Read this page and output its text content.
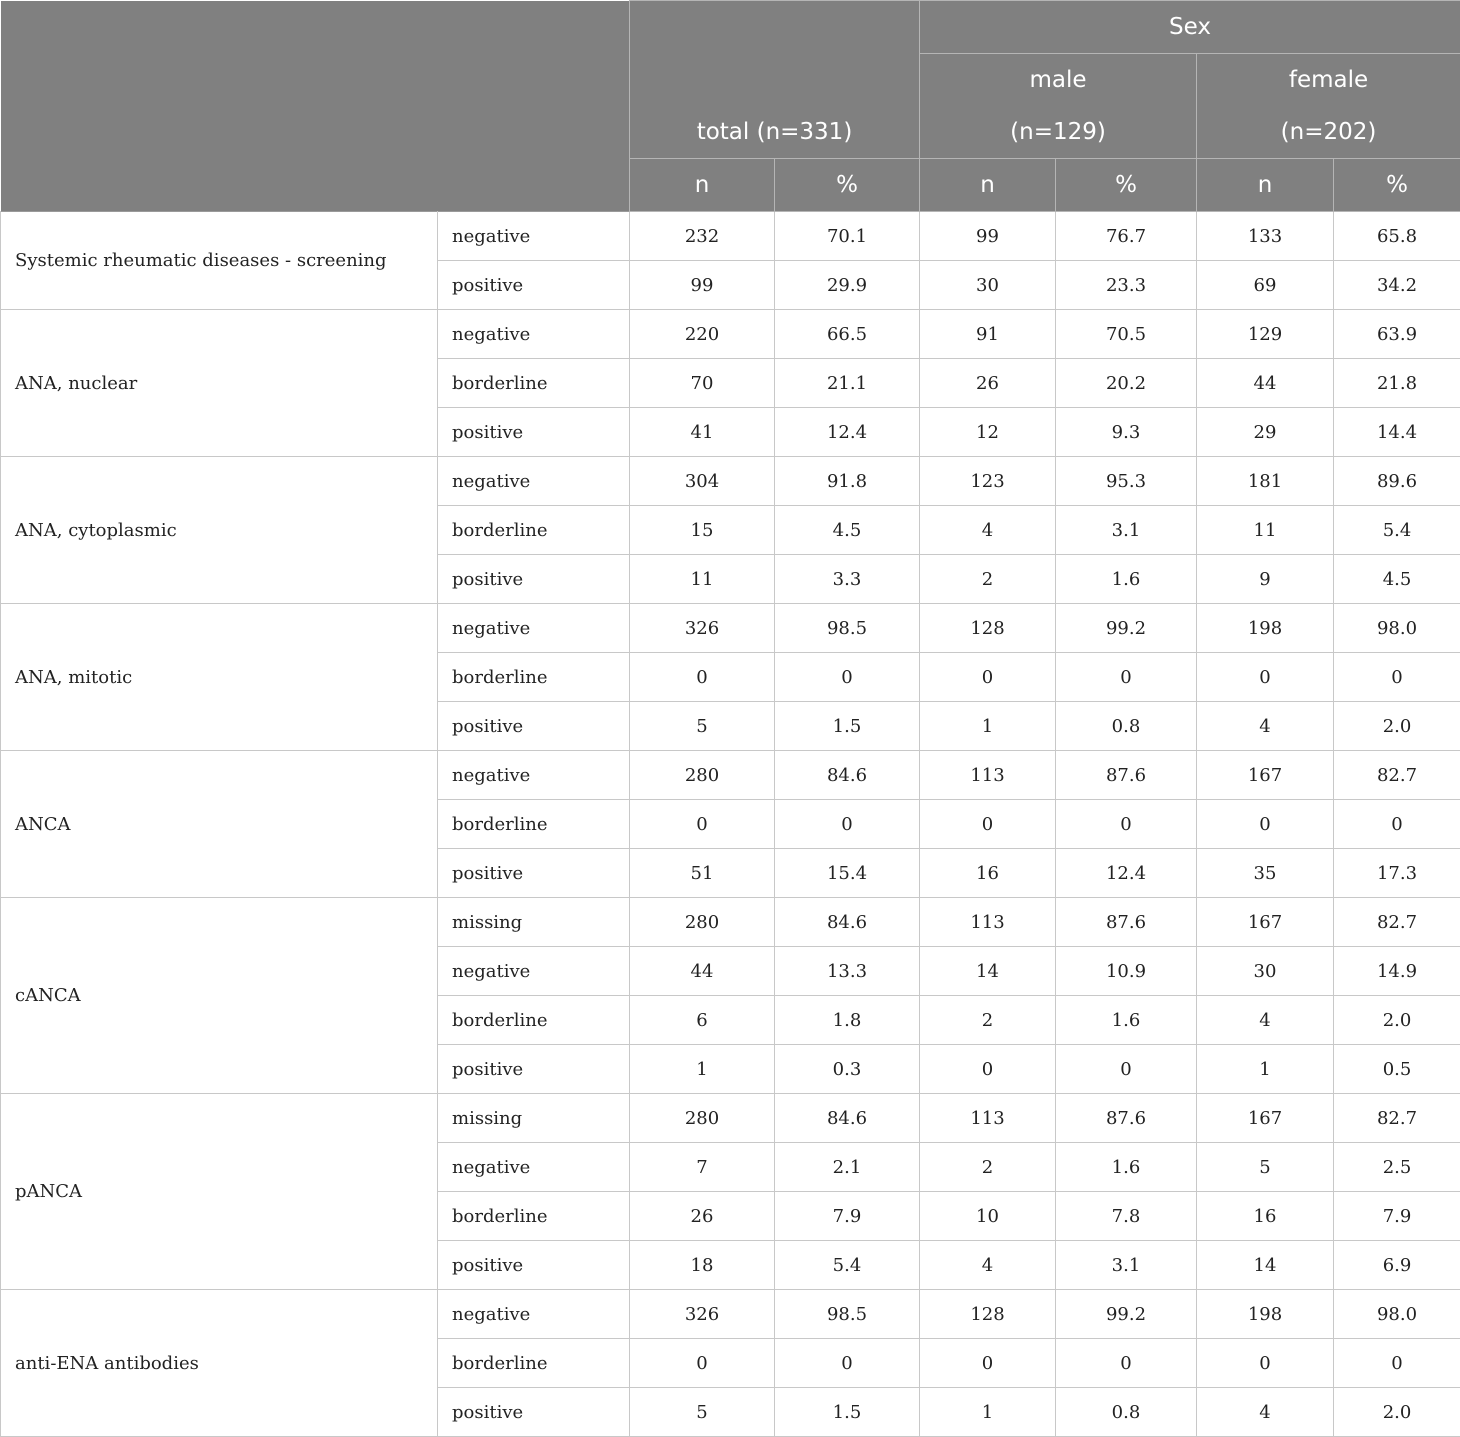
				Sex			
				male		female	
		total (n=331)		(n=129)		(n=202)	
		n	%	n	%	n	%
Systemic rheumatic diseases - screening	negative	232	70.1	99	76.7	133	65.8
	positive	99	29.9	30	23.3	69	34.2
ANA, nuclear	negative	220	66.5	91	70.5	129	63.9
	borderline	70	21.1	26	20.2	44	21.8
	positive	41	12.4	12	9.3	29	14.4
ANA, cytoplasmic	negative	304	91.8	123	95.3	181	89.6
	borderline	15	4.5	4	3.1	11	5.4
	positive	11	3.3	2	1.6	9	4.5
ANA, mitotic	negative	326	98.5	128	99.2	198	98.0
	borderline	0	0	0	0	0	0
	positive	5	1.5	1	0.8	4	2.0
ANCA	negative	280	84.6	113	87.6	167	82.7
	borderline	0	0	0	0	0	0
	positive	51	15.4	16	12.4	35	17.3
cANCA	missing	280	84.6	113	87.6	167	82.7
	negative	44	13.3	14	10.9	30	14.9
	borderline	6	1.8	2	1.6	4	2.0
	positive	1	0.3	0	0	1	0.5
pANCA	missing	280	84.6	113	87.6	167	82.7
	negative	7	2.1	2	1.6	5	2.5
	borderline	26	7.9	10	7.8	16	7.9
	positive	18	5.4	4	3.1	14	6.9
anti-ENA antibodies	negative	326	98.5	128	99.2	198	98.0
	borderline	0	0	0	0	0	0
	positive	5	1.5	1	0.8	4	2.0
